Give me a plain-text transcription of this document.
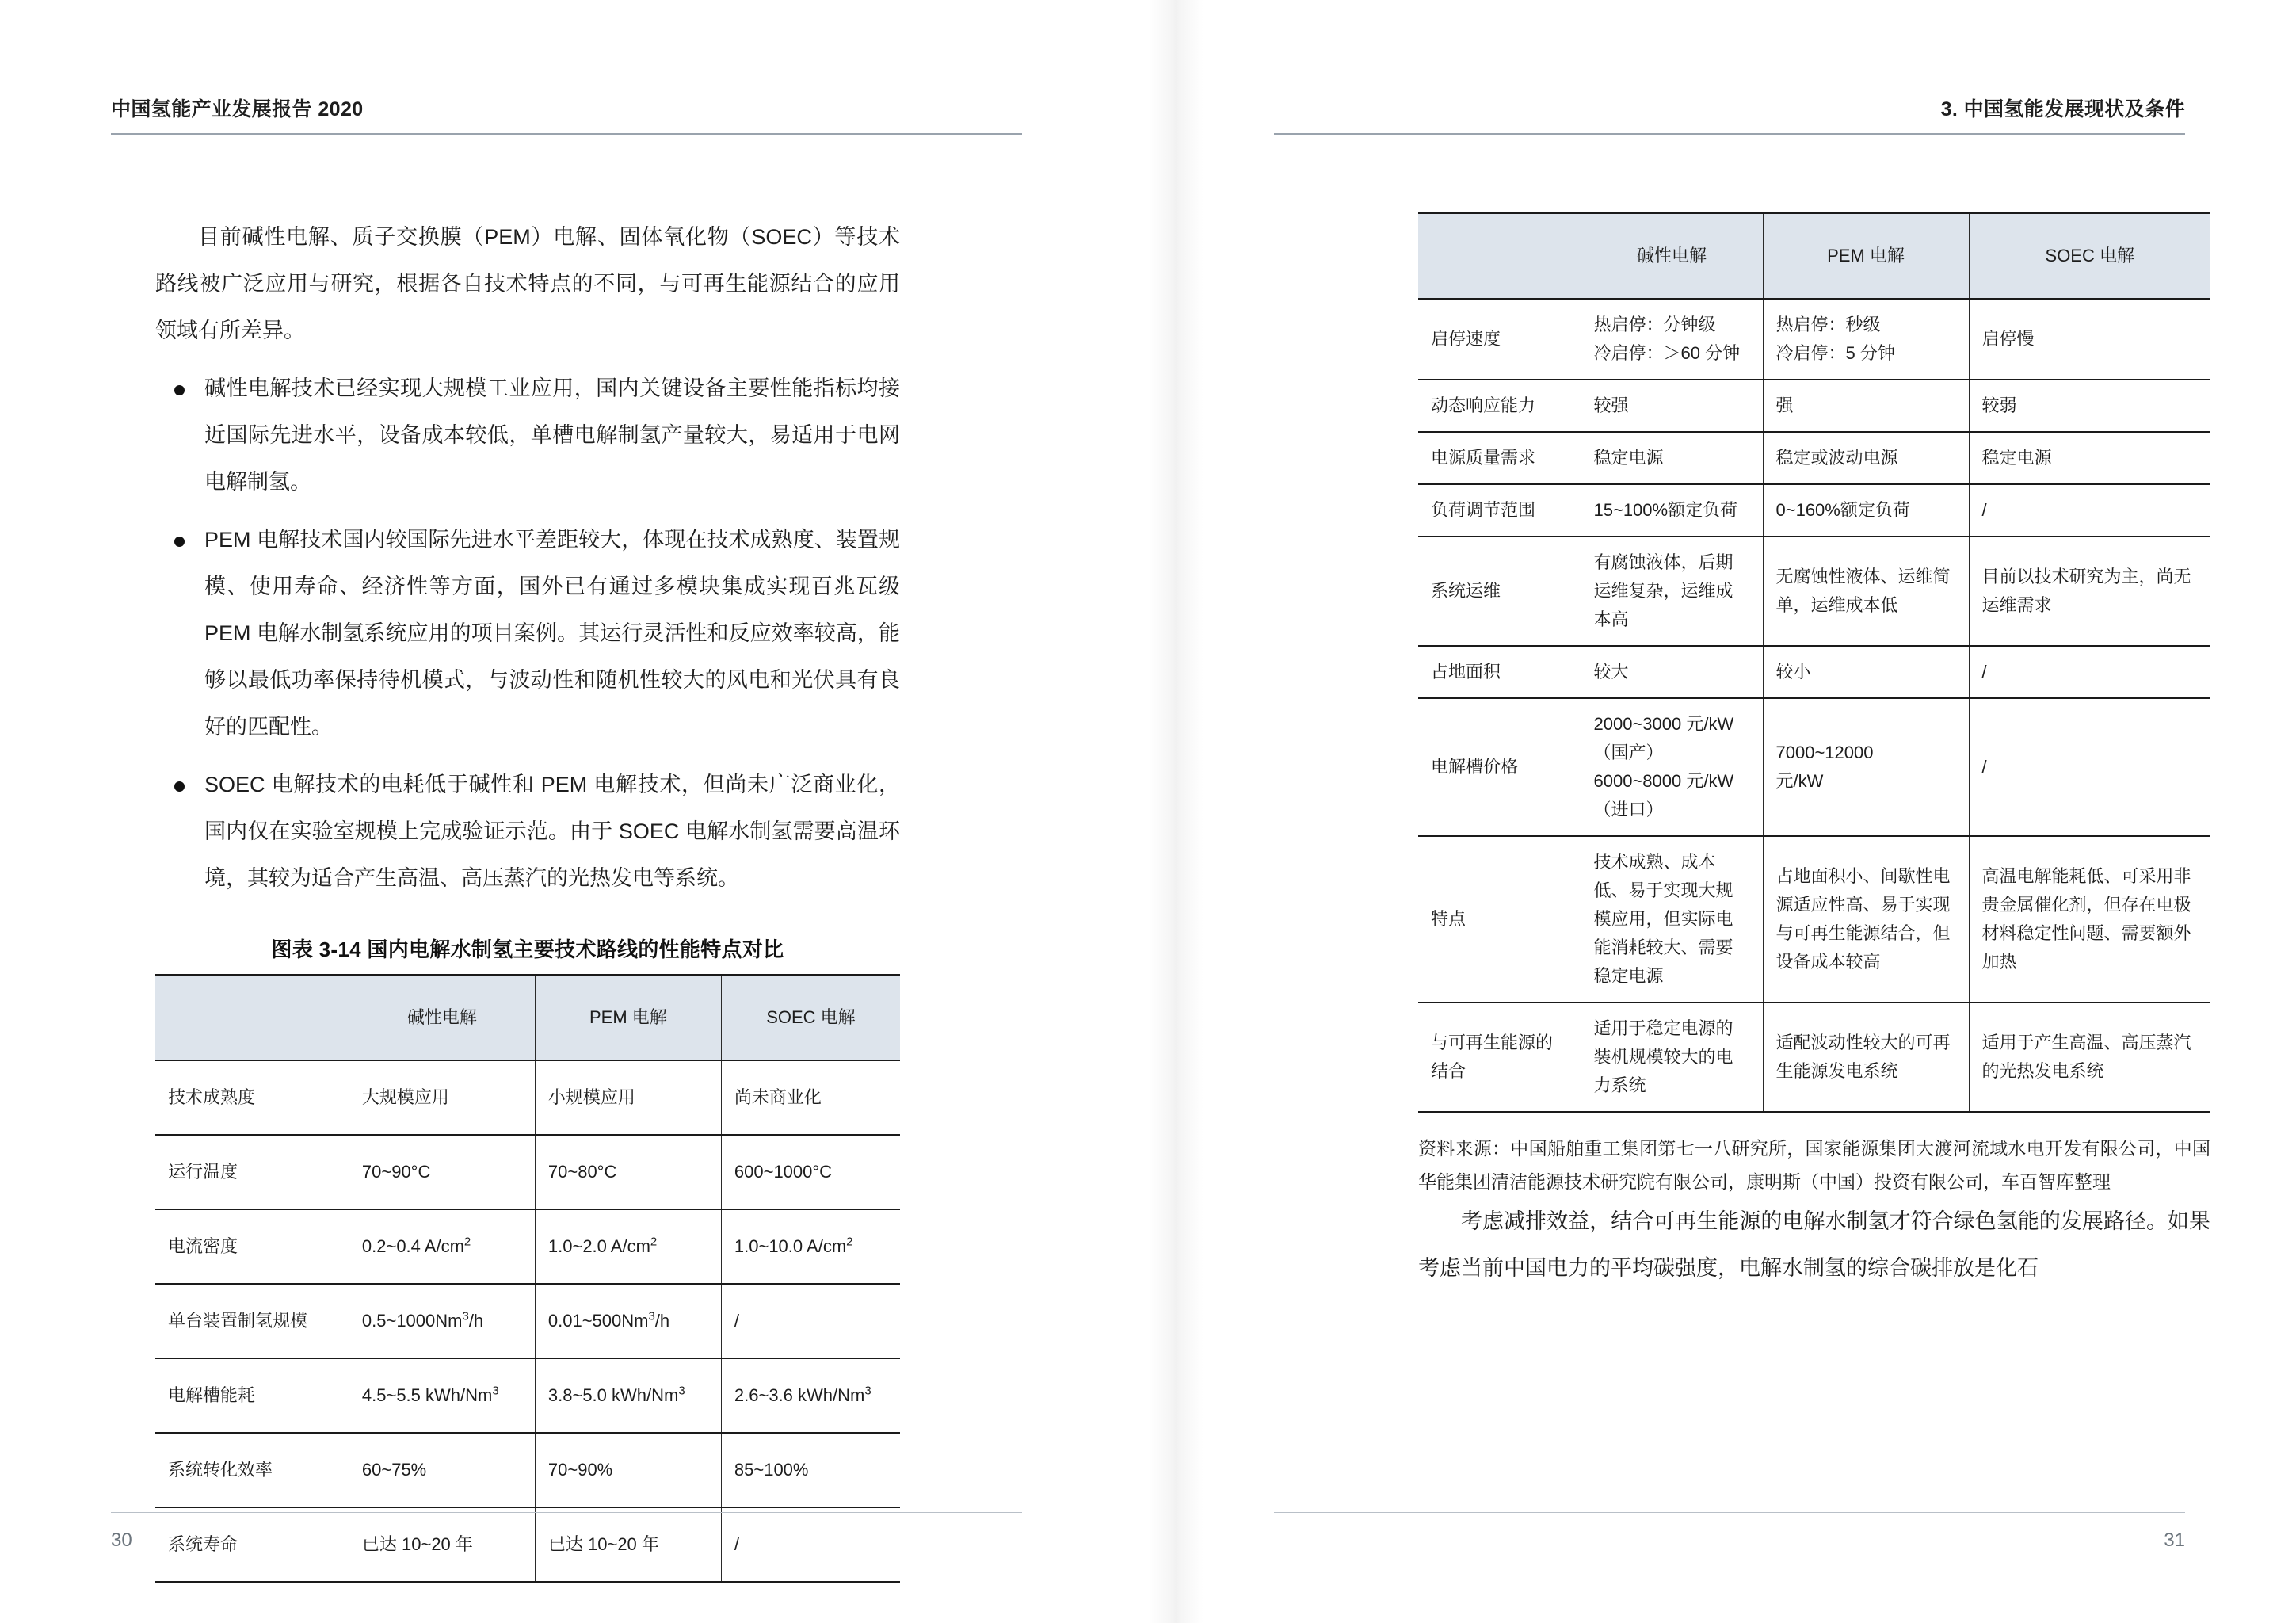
中国氢能产业发展报告 2020

目前碱性电解、质子交换膜（PEM）电解、固体氧化物（SOEC）等技术路线被广泛应用与研究，根据各自技术特点的不同，与可再生能源结合的应用领域有所差异。

碱性电解技术已经实现大规模工业应用，国内关键设备主要性能指标均接近国际先进水平，设备成本较低，单槽电解制氢产量较大，易适用于电网电解制氢。
PEM 电解技术国内较国际先进水平差距较大，体现在技术成熟度、装置规模、使用寿命、经济性等方面，国外已有通过多模块集成实现百兆瓦级 PEM 电解水制氢系统应用的项目案例。其运行灵活性和反应效率较高，能够以最低功率保持待机模式，与波动性和随机性较大的风电和光伏具有良好的匹配性。
SOEC 电解技术的电耗低于碱性和 PEM 电解技术，但尚未广泛商业化，国内仅在实验室规模上完成验证示范。由于 SOEC 电解水制氢需要高温环境，其较为适合产生高温、高压蒸汽的光热发电等系统。
图表 3-14 国内电解水制氢主要技术路线的性能特点对比
	碱性电解	PEM 电解	SOEC 电解
技术成熟度	大规模应用	小规模应用	尚未商业化

运行温度	70~90°C	70~80°C	600~1000°C

电流密度	0.2~0.4 $A/cm^2$	1.0~2.0 $A/cm^2$	1.0~10.0 $A/cm^2$

单台装置制氢规模	0.5~1000Nm$^3$/h	0.01~500Nm$^3$/h	/

电解槽能耗	4.5~5.5 kWh/Nm$^3$	3.8~5.0 kWh/Nm$^3$	2.6~3.6 kWh/Nm$^3$

系统转化效率	60~75%	70~90%	85~100%

系统寿命	已达 10~20 年	已达 10~20 年	/
30
3. 中国氢能发展现状及条件
31
	碱性电解	PEM 电解	SOEC 电解
启停速度	热启停：分钟级
冷启停：＞60 分钟	热启停：秒级
冷启停：5 分钟	启停慢

动态响应能力	较强	强	较弱

电源质量需求	稳定电源	稳定或波动电源	稳定电源

负荷调节范围	15~100%额定负荷	0~160%额定负荷	/

系统运维	有腐蚀液体，后期运维复杂，运维成本高	无腐蚀性液体、运维简单，运维成本低	目前以技术研究为主，尚无运维需求

占地面积	较大	较小	/

电解槽价格	2000~3000 元/kW
（国产）
6000~8000 元/kW
（进口）	7000~12000
元/kW	/

特点	技术成熟、成本低、易于实现大规模应用，但实际电能消耗较大、需要稳定电源	占地面积小、间歇性电源适应性高、易于实现与可再生能源结合，但设备成本较高	高温电解能耗低、可采用非贵金属催化剂，但存在电极材料稳定性问题、需要额外加热

与可再生能源的结合	适用于稳定电源的装机规模较大的电力系统	适配波动性较大的可再生能源发电系统	适用于产生高温、高压蒸汽的光热发电系统
资料来源：中国船舶重工集团第七一八研究所，国家能源集团大渡河流域水电开发有限公司，中国华能集团清洁能源技术研究院有限公司，康明斯（中国）投资有限公司，车百智库整理

考虑减排效益，结合可再生能源的电解水制氢才符合绿色氢能的发展路径。如果考虑当前中国电力的平均碳强度，电解水制氢的综合碳排放是化石
